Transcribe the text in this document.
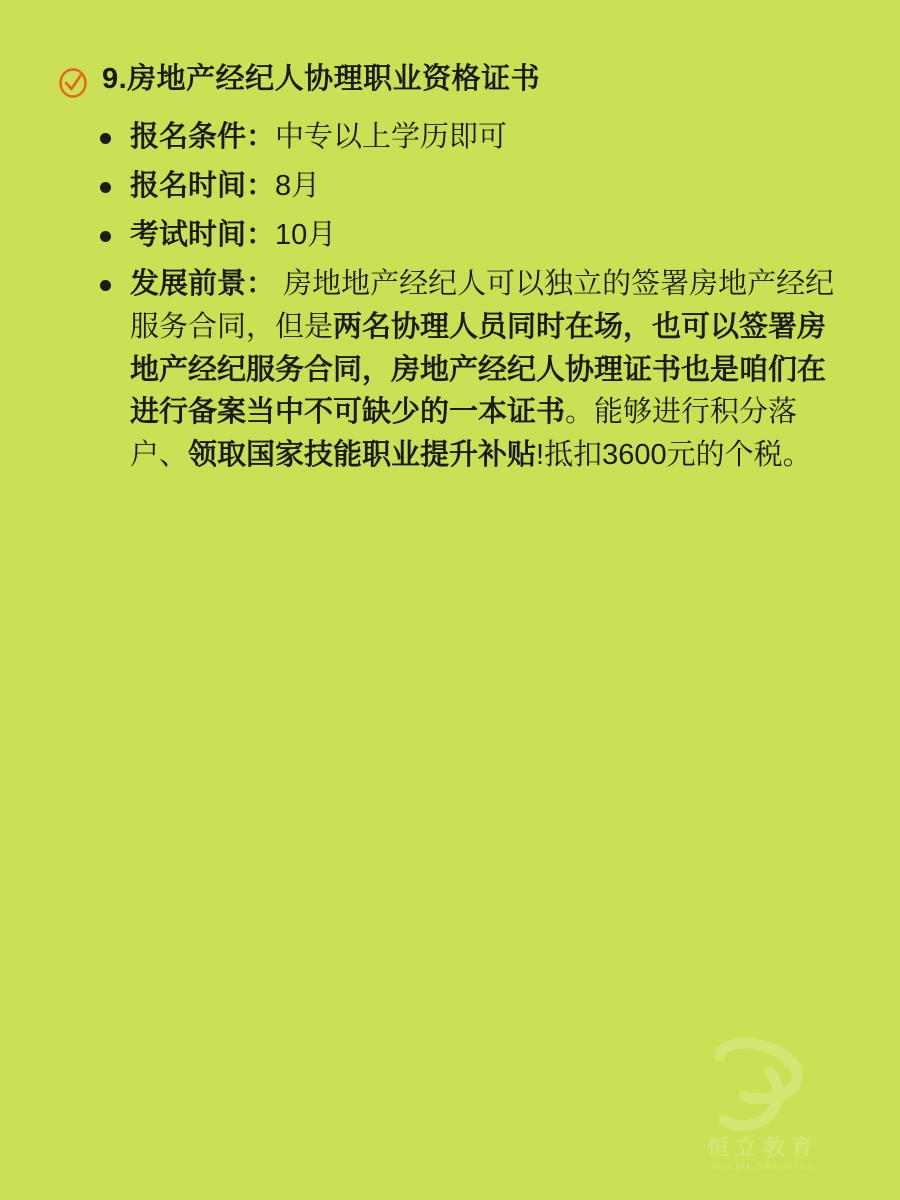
9.房地产经纪人协理职业资格证书
报名条件：中专以上学历即可
报名时间：8月
考试时间：10月
发展前景： 房地地产经纪人可以独立的签署房地产经纪服务合同，但是两名协理人员同时在场，也可以签署房地产经纪服务合同，房地产经纪人协理证书也是咱们在进行备案当中不可缺少的一本证书。能够进行积分落户、领取国家技能职业提升补贴!抵扣3600元的个税。
恒立教育
Hengli Education
